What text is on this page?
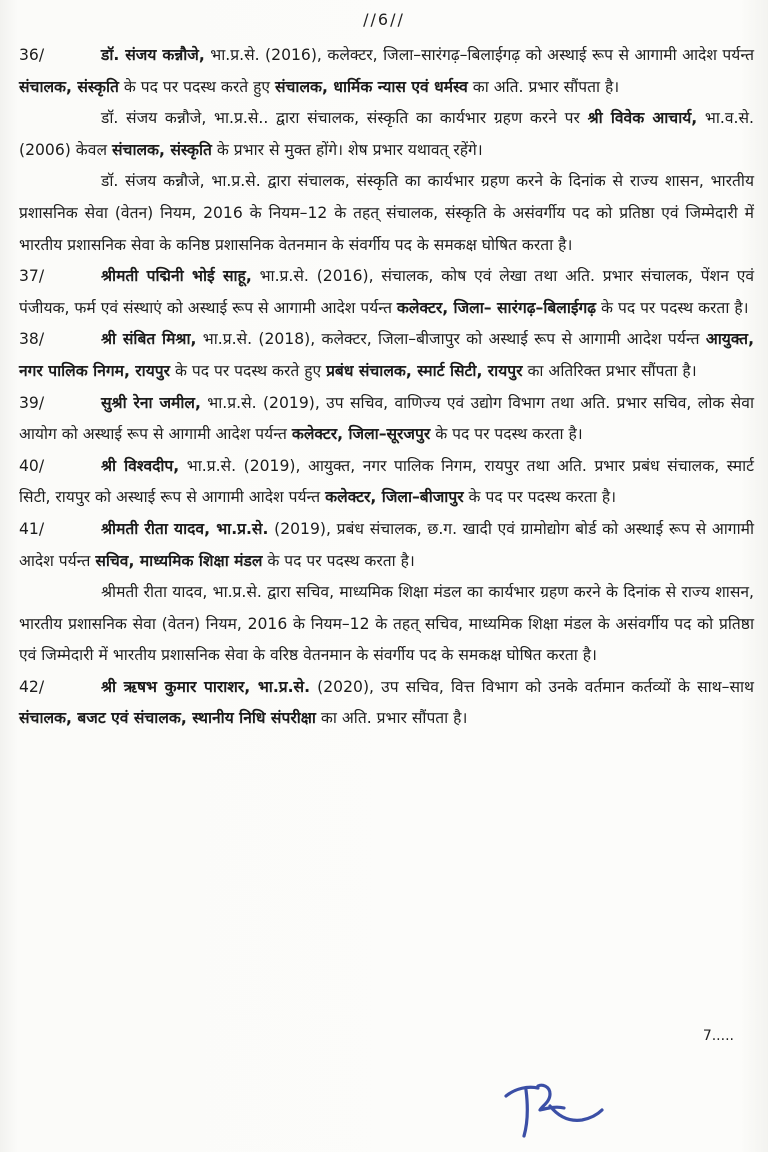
//6//

36/	डॉ. संजय कन्नौजे, भा.प्र.से. (2016), कलेक्टर, जिला–सारंगढ़–बिलाईगढ़ को अस्थाई रूप से आगामी आदेश पर्यन्त संचालक, संस्कृति के पद पर पदस्थ करते हुए संचालक, धार्मिक न्यास एवं धर्मस्व का अति. प्रभार सौंपता है।

डॉ. संजय कन्नौजे, भा.प्र.से.. द्वारा संचालक, संस्कृति का कार्यभार ग्रहण करने पर श्री विवेक आचार्य, भा.व.से. (2006) केवल संचालक, संस्कृति के प्रभार से मुक्त होंगे। शेष प्रभार यथावत् रहेंगे।

डॉ. संजय कन्नौजे, भा.प्र.से. द्वारा संचालक, संस्कृति का कार्यभार ग्रहण करने के दिनांक से राज्य शासन, भारतीय प्रशासनिक सेवा (वेतन) नियम, 2016 के नियम–12 के तहत् संचालक, संस्कृति के असंवर्गीय पद को प्रतिष्ठा एवं जिम्मेदारी में भारतीय प्रशासनिक सेवा के कनिष्ठ प्रशासनिक वेतनमान के संवर्गीय पद के समकक्ष घोषित करता है।

37/	श्रीमती पद्मिनी भोई साहू, भा.प्र.से. (2016), संचालक, कोष एवं लेखा तथा अति. प्रभार संचालक, पेंशन एवं पंजीयक, फर्म एवं संस्थाएं को अस्थाई रूप से आगामी आदेश पर्यन्त कलेक्टर, जिला– सारंगढ़–बिलाईगढ़ के पद पर पदस्थ करता है।

38/	श्री संबित मिश्रा, भा.प्र.से. (2018), कलेक्टर, जिला–बीजापुर को अस्थाई रूप से आगामी आदेश पर्यन्त आयुक्त, नगर पालिक निगम, रायपुर के पद पर पदस्थ करते हुए प्रबंध संचालक, स्मार्ट सिटी, रायपुर का अतिरिक्त प्रभार सौंपता है।

39/	सुश्री रेना जमील, भा.प्र.से. (2019), उप सचिव, वाणिज्य एवं उद्योग विभाग तथा अति. प्रभार सचिव, लोक सेवा आयोग को अस्थाई रूप से आगामी आदेश पर्यन्त कलेक्टर, जिला–सूरजपुर के पद पर पदस्थ करता है।

40/	श्री विश्वदीप, भा.प्र.से. (2019), आयुक्त, नगर पालिक निगम, रायपुर तथा अति. प्रभार प्रबंध संचालक, स्मार्ट सिटी, रायपुर को अस्थाई रूप से आगामी आदेश पर्यन्त कलेक्टर, जिला–बीजापुर के पद पर पदस्थ करता है।

41/	श्रीमती रीता यादव, भा.प्र.से. (2019), प्रबंध संचालक, छ.ग. खादी एवं ग्रामोद्योग बोर्ड को अस्थाई रूप से आगामी आदेश पर्यन्त सचिव, माध्यमिक शिक्षा मंडल के पद पर पदस्थ करता है।

श्रीमती रीता यादव, भा.प्र.से. द्वारा सचिव, माध्यमिक शिक्षा मंडल का कार्यभार ग्रहण करने के दिनांक से राज्य शासन, भारतीय प्रशासनिक सेवा (वेतन) नियम, 2016 के नियम–12 के तहत् सचिव, माध्यमिक शिक्षा मंडल के असंवर्गीय पद को प्रतिष्ठा एवं जिम्मेदारी में भारतीय प्रशासनिक सेवा के वरिष्ठ वेतनमान के संवर्गीय पद के समकक्ष घोषित करता है।

42/	श्री ऋषभ कुमार पाराशर, भा.प्र.से. (2020), उप सचिव, वित्त विभाग को उनके वर्तमान कर्तव्यों के साथ–साथ संचालक, बजट एवं संचालक, स्थानीय निधि संपरीक्षा का अति. प्रभार सौंपता है।

7.....
